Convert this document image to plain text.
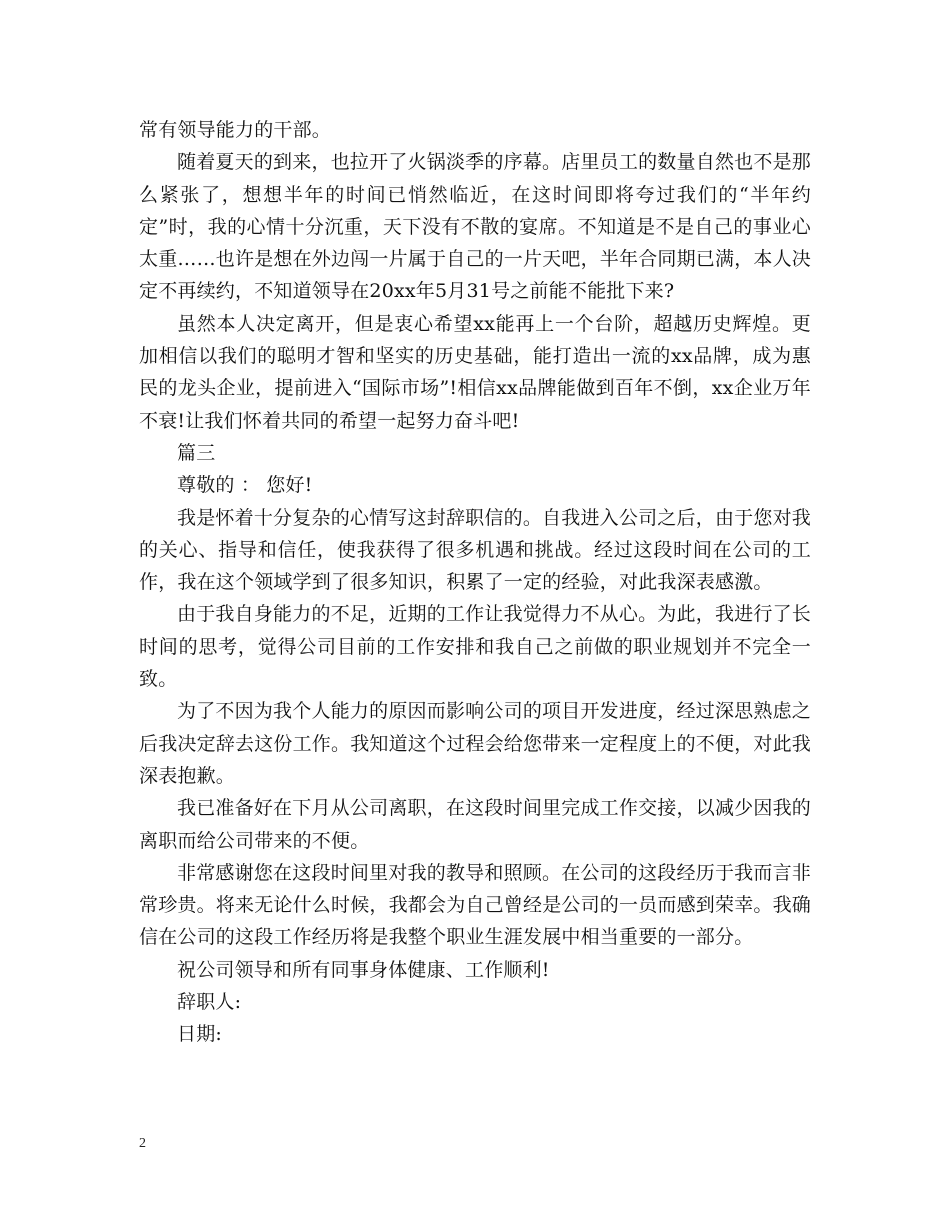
常有领导能力的干部。

随着夏天的到来，也拉开了火锅淡季的序幕。店里员工的数量自然也不是那么紧张了，想想半年的时间已悄然临近，在这时间即将夸过我们的“半年约定”时，我的心情十分沉重，天下没有不散的宴席。不知道是不是自己的事业心太重……也许是想在外边闯一片属于自己的一片天吧，半年合同期已满，本人决定不再续约，不知道领导在20xx年5月31号之前能不能批下来?

虽然本人决定离开，但是衷心希望xx能再上一个台阶，超越历史辉煌。更加相信以我们的聪明才智和坚实的历史基础，能打造出一流的xx品牌，成为惠民的龙头企业，提前进入“国际市场”!相信xx品牌能做到百年不倒，xx企业万年不衰!让我们怀着共同的希望一起努力奋斗吧!

篇三

尊敬的 ： 您好!

我是怀着十分复杂的心情写这封辞职信的。自我进入公司之后，由于您对我的关心、指导和信任，使我获得了很多机遇和挑战。经过这段时间在公司的工作，我在这个领域学到了很多知识，积累了一定的经验，对此我深表感激。

由于我自身能力的不足，近期的工作让我觉得力不从心。为此，我进行了长时间的思考，觉得公司目前的工作安排和我自己之前做的职业规划并不完全一致。

为了不因为我个人能力的原因而影响公司的项目开发进度，经过深思熟虑之后我决定辞去这份工作。我知道这个过程会给您带来一定程度上的不便，对此我深表抱歉。

我已准备好在下月从公司离职，在这段时间里完成工作交接，以减少因我的离职而给公司带来的不便。

非常感谢您在这段时间里对我的教导和照顾。在公司的这段经历于我而言非常珍贵。将来无论什么时候，我都会为自己曾经是公司的一员而感到荣幸。我确信在公司的这段工作经历将是我整个职业生涯发展中相当重要的一部分。

祝公司领导和所有同事身体健康、工作顺利!

辞职人:

日期:

2
